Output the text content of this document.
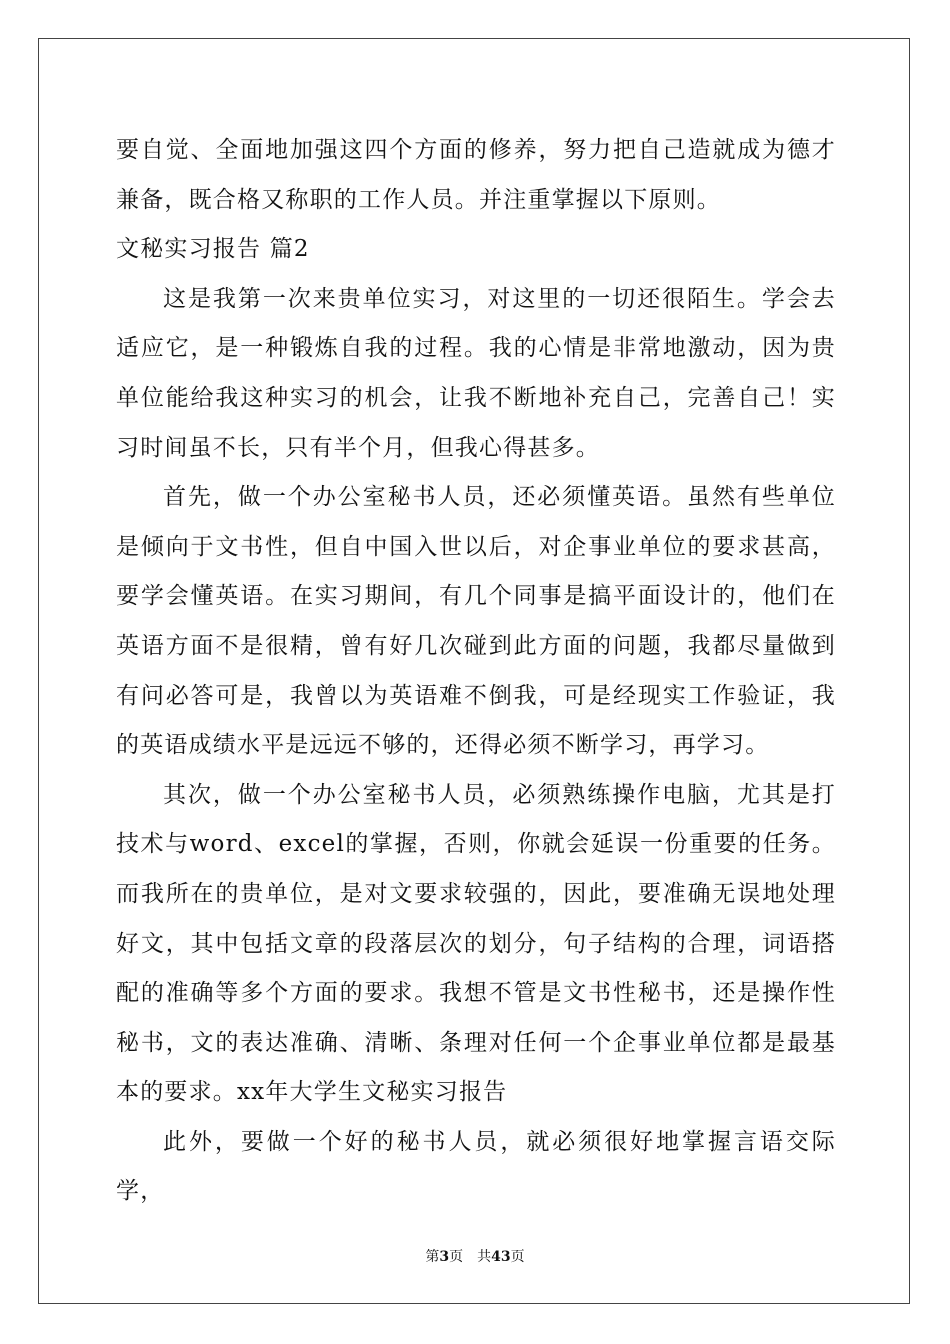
要自觉、全面地加强这四个方面的修养，努力把自己造就成为德才兼备，既合格又称职的工作人员。并注重掌握以下原则。

文秘实习报告 篇2

这是我第一次来贵单位实习，对这里的一切还很陌生。学会去适应它，是一种锻炼自我的过程。我的心情是非常地激动，因为贵单位能给我这种实习的机会，让我不断地补充自己，完善自己！实习时间虽不长，只有半个月，但我心得甚多。

首先，做一个办公室秘书人员，还必须懂英语。虽然有些单位是倾向于文书性，但自中国入世以后，对企事业单位的要求甚高，要学会懂英语。在实习期间，有几个同事是搞平面设计的，他们在英语方面不是很精，曾有好几次碰到此方面的问题，我都尽量做到有问必答可是，我曾以为英语难不倒我，可是经现实工作验证，我的英语成绩水平是远远不够的，还得必须不断学习，再学习。

其次，做一个办公室秘书人员，必须熟练操作电脑，尤其是打技术与word、excel的掌握，否则，你就会延误一份重要的任务。而我所在的贵单位，是对文要求较强的，因此，要准确无误地处理好文，其中包括文章的段落层次的划分，句子结构的合理，词语搭配的准确等多个方面的要求。我想不管是文书性秘书，还是操作性秘书，文的表达准确、清晰、条理对任何一个企事业单位都是最基本的要求。xx年大学生文秘实习报告

此外，要做一个好的秘书人员，就必须很好地掌握言语交际学，

第3页 共43页
